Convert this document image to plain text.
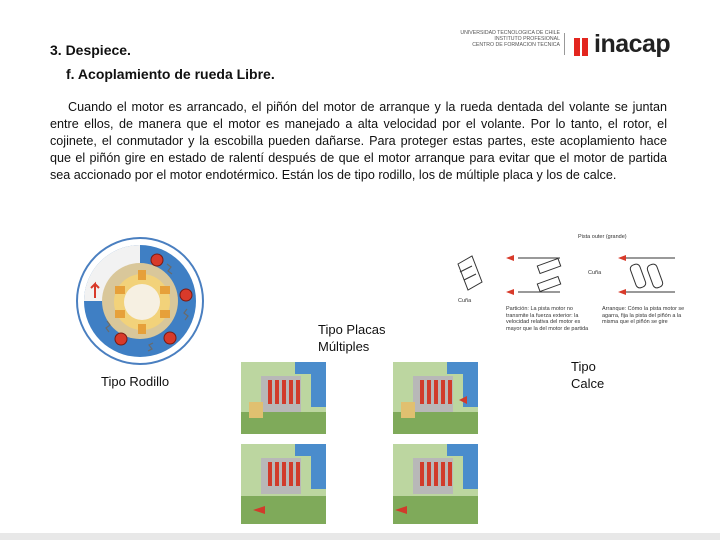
3. Despiece.
f. Acoplamiento de rueda Libre.
UNIVERSIDAD TECNOLOGICA DE CHILE
INSTITUTO PROFESIONAL
CENTRO DE FORMACION TECNICA inacap
Cuando el motor es arrancado, el piñón del motor de arranque y la rueda dentada del volante se juntan entre ellos, de manera que el motor es manejado a alta velocidad por el volante. Por lo tanto, el rotor, el cojinete, el conmutador y la escobilla pueden dañarse. Para proteger estas partes, este acoplamiento hace que el piñón gire en estado de ralentí después de que el motor arranque para evitar que el motor de partida sea accionado por el motor endotérmico. Están los de tipo rodillo, los de múltiple placa y los de calce.
Tipo Rodillo
Tipo Placas Múltiples
Pista outer (grande)
Cuña
Cuña
Partición: La pista motor no transmite la fuerza exterior: la velocidad relativa del motor es mayor que la del motor de partida
Arranque: Cómo la pista motor se agarra, fija la pista del piñón a la misma que el piñón se gire
Tipo Calce
